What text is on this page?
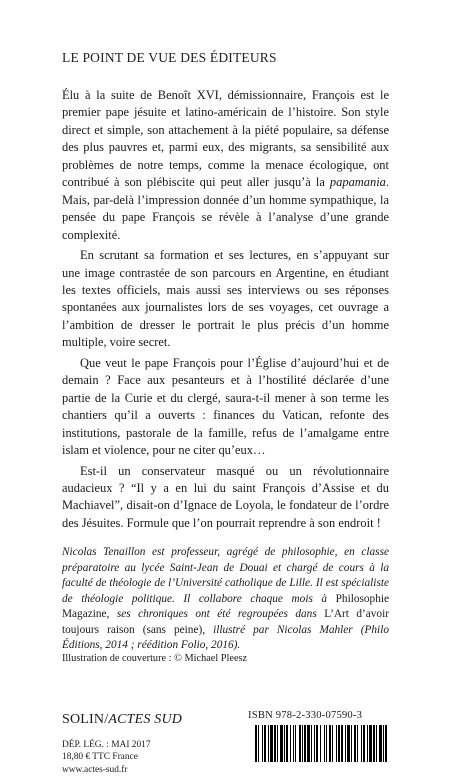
LE POINT DE VUE DES ÉDITEURS

Élu à la suite de Benoît XVI, démissionnaire, François est le premier pape jésuite et latino-américain de l’histoire. Son style direct et simple, son attachement à la piété populaire, sa défense des plus pauvres et, parmi eux, des migrants, sa sensibilité aux problèmes de notre temps, comme la menace écologique, ont contribué à son plébiscite qui peut aller jusqu’à la papamania. Mais, par-delà l’impression donnée d’un homme sympathique, la pensée du pape François se révèle à l’analyse d’une grande complexité.

En scrutant sa formation et ses lectures, en s’appuyant sur une image contrastée de son parcours en Argentine, en étudiant les textes officiels, mais aussi ses interviews ou ses réponses spontanées aux journalistes lors de ses voyages, cet ouvrage a l’ambition de dresser le portrait le plus précis d’un homme multiple, voire secret.

Que veut le pape François pour l’Église d’aujourd’hui et de demain ? Face aux pesanteurs et à l’hostilité déclarée d’une partie de la Curie et du clergé, saura-t-il mener à son terme les chantiers qu’il a ouverts : finances du Vatican, refonte des institutions, pastorale de la famille, refus de l’amalgame entre islam et violence, pour ne citer qu’eux…

Est-il un conservateur masqué ou un révolutionnaire audacieux ? “Il y a en lui du saint François d’Assise et du Machiavel”, disait-on d’Ignace de Loyola, le fondateur de l’ordre des Jésuites. Formule que l’on pourrait reprendre à son endroit !

Nicolas Tenaillon est professeur, agrégé de philosophie, en classe préparatoire au lycée Saint-Jean de Douai et chargé de cours à la faculté de théologie de l’Université catholique de Lille. Il est spécialiste de théologie politique. Il collabore chaque mois à Philosophie Magazine, ses chroniques ont été regroupées dans L’Art d’avoir toujours raison (sans peine), illustré par Nicolas Mahler (Philo Éditions, 2014 ; réédition Folio, 2016).
Illustration de couverture : © Michael Pleesz
SOLIN/ACTES SUD
DÉP. LÉG. : MAI 2017
18,80 € TTC France
www.actes-sud.fr
ISBN 978-2-330-07590-3
